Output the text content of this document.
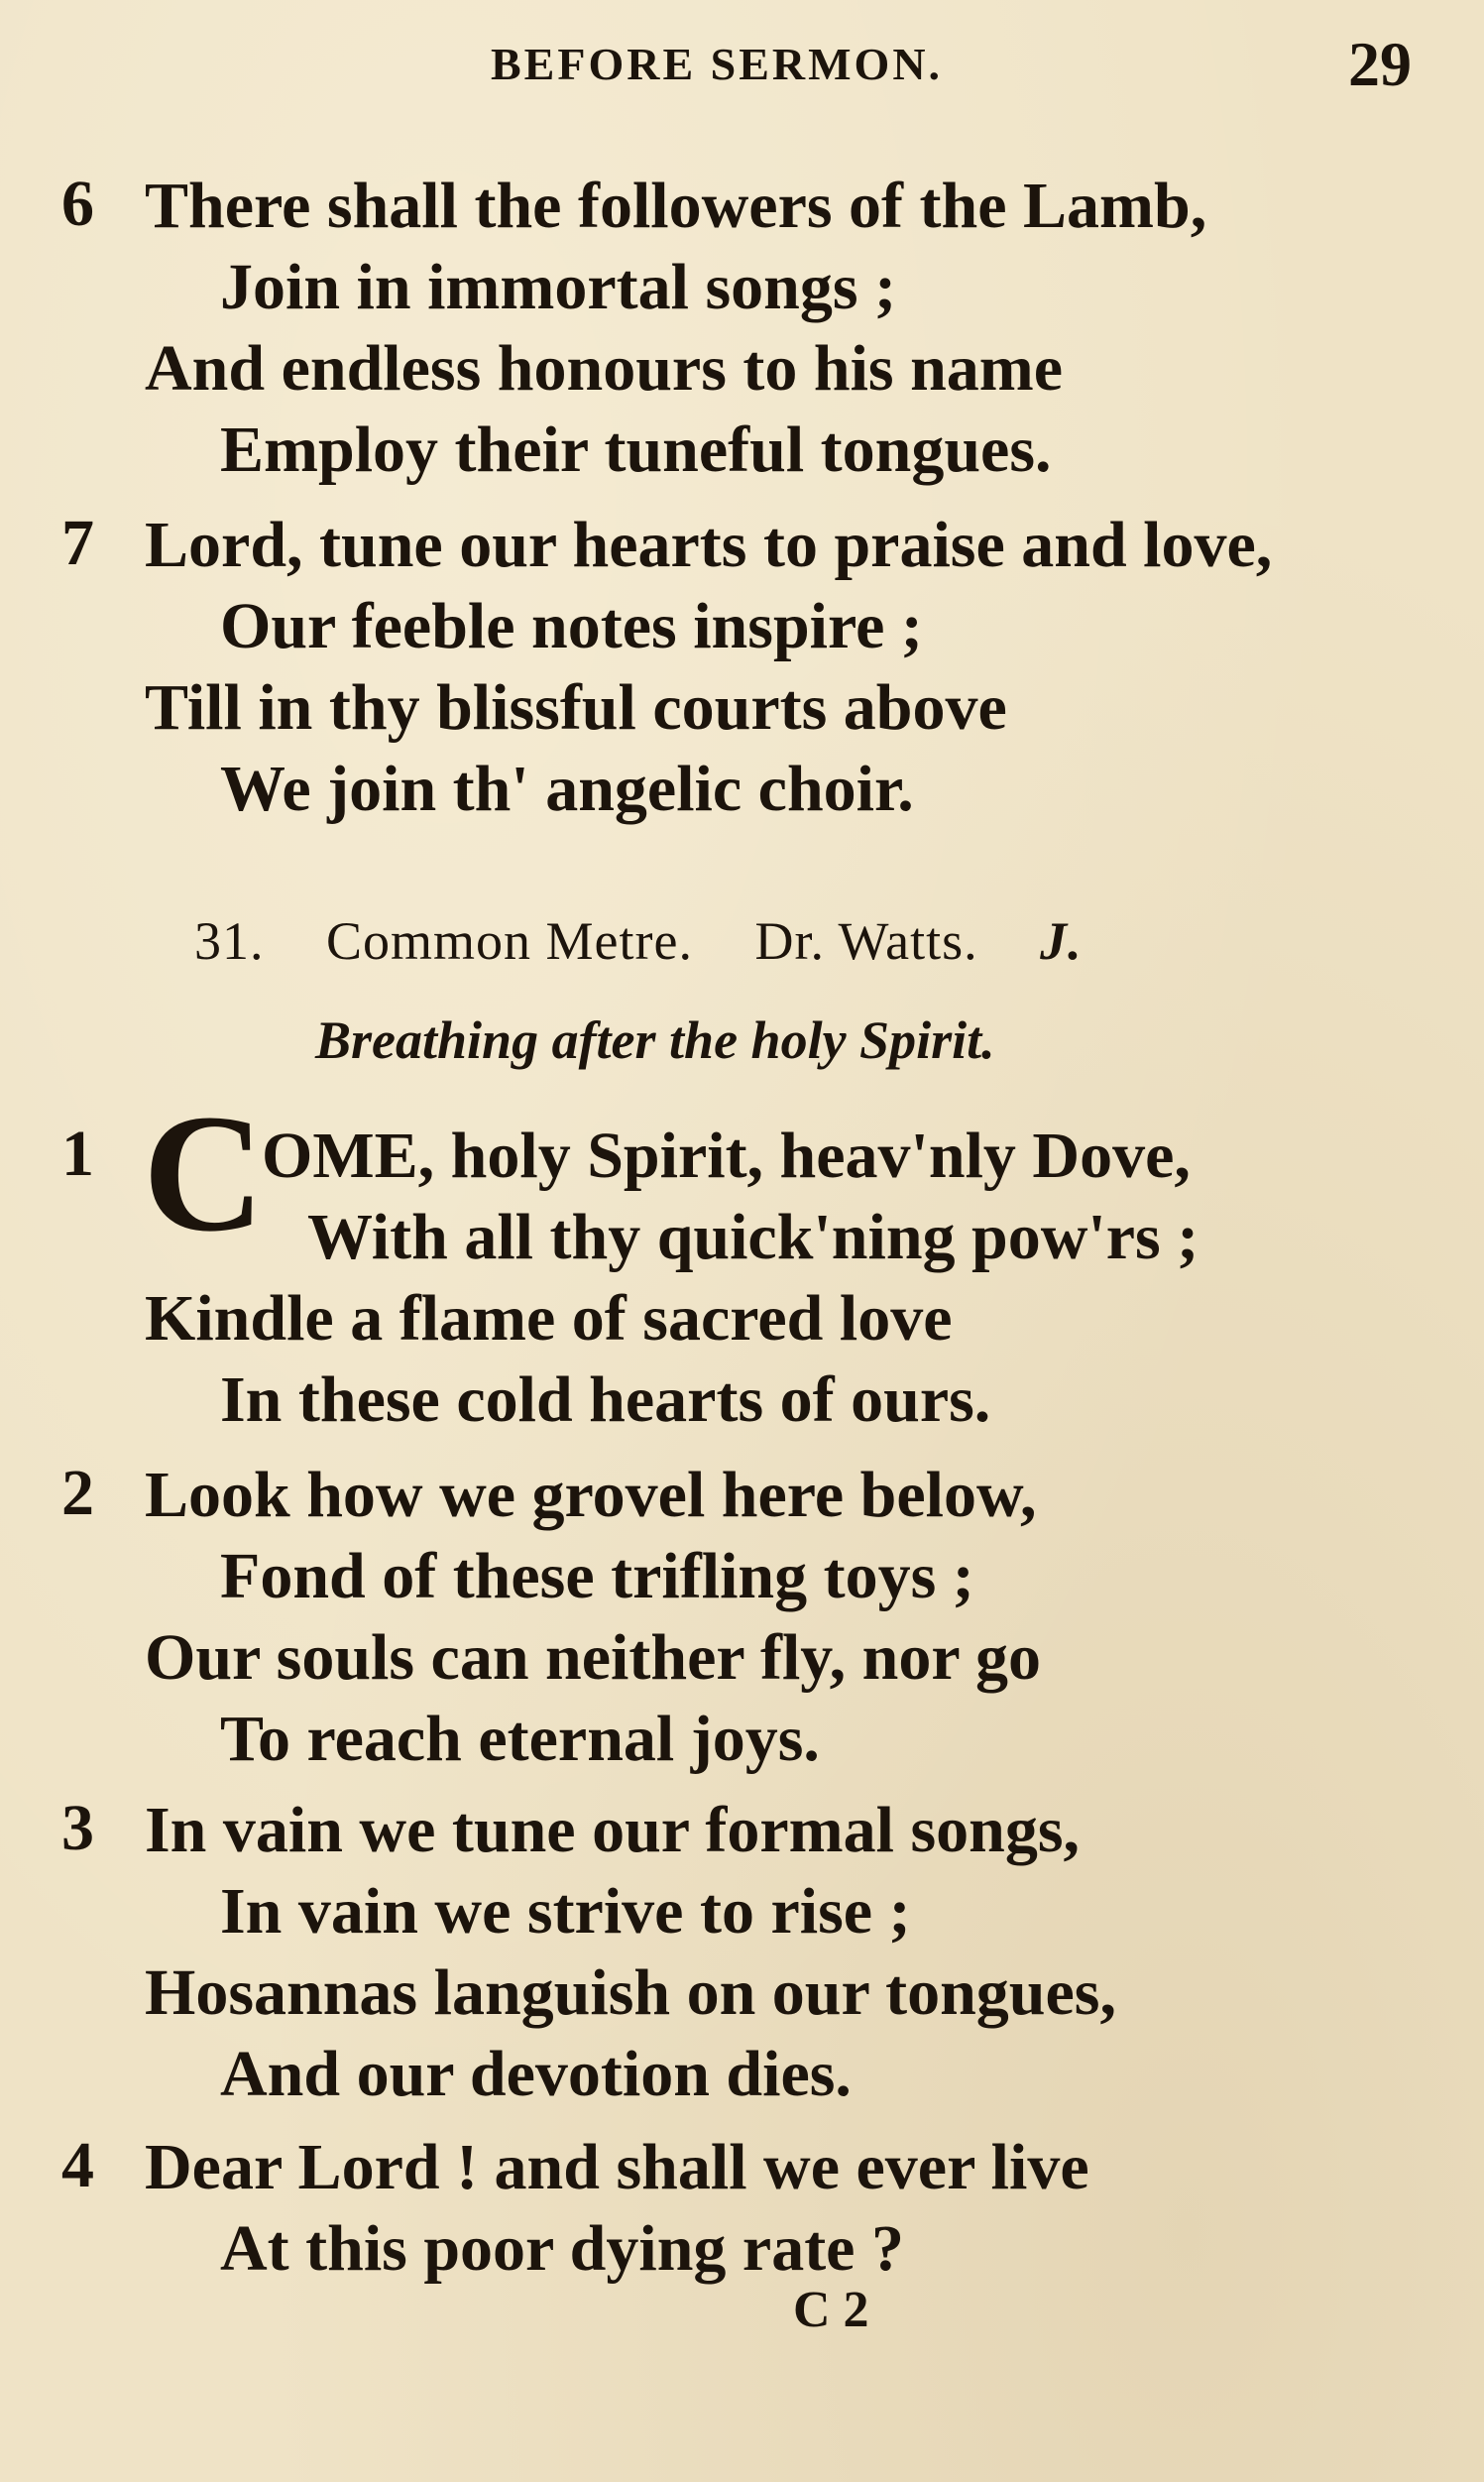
BEFORE SERMON.	29
6 There shall the followers of the Lamb,
Join in immortal songs ;
And endless honours to his name
Employ their tuneful tongues.
7 Lord, tune our hearts to praise and love,
Our feeble notes inspire ;
Till in thy blissful courts above
We join th' angelic choir.
31. Common Metre. Dr. Watts. J.
Breathing after the holy Spirit.
C
1	OME, holy Spirit, heav'nly Dove,
With all thy quick'ning pow'rs ;
Kindle a flame of sacred love
In these cold hearts of ours.
2 Look how we grovel here below,
Fond of these trifling toys ;
Our souls can neither fly, nor go
To reach eternal joys.
3 In vain we tune our formal songs,
In vain we strive to rise ;
Hosannas languish on our tongues,
And our devotion dies.
4 Dear Lord ! and shall we ever live
At this poor dying rate ?
C 2
